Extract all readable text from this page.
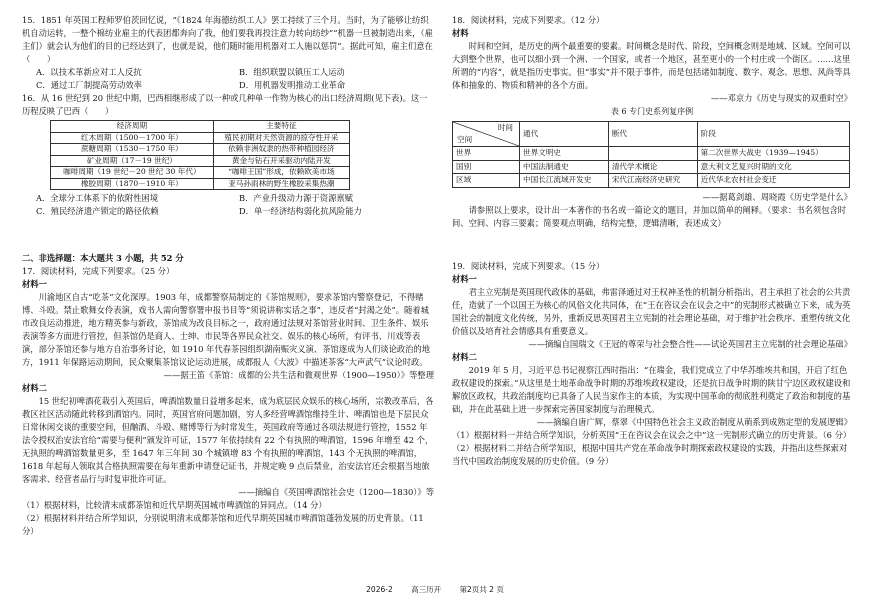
15．1851 年英国工程师罗伯茨回忆说，“《1824 年海德纺织工人》罢工持续了三个月。当时，为了能够让纺织机自动运转，一整个棉纺业雇主的代表团都奔向了我，他们要我再投注意力转向纺纱”“机器一旦被制造出来，（雇主们）就会认为他们的目的已经达到了，也就是说，他们随时能用机器对工人施以惩罚”。据此可知，雇主们意在（　　）

A．以技术革新应对工人反抗	B．组织联盟以镇压工人运动
C．通过工厂制提高劳动效率	D．用机器发明推动工业革命

16．从 16 世纪到 20 世纪中期，巴西相继形成了以一种或几种单一作物为核心的出口经济周期(见下表)。这一历程反映了巴西（　　）

经济周期	主要特征
红木周期（1500－1700 年）	殖民初期对天然资源的掠夺性开采
蔗糖周期（1530－1750 年）	依赖非洲奴隶的热带种植园经济
矿业周期（17－19 世纪）	黄金与钻石开采驱动内陆开发
咖啡周期（19 世纪－20 世纪 30 年代）	“咖啡王国”形成，依赖欧美市场
橡胶周期（1870－1910 年）	亚马孙雨林的野生橡胶采集热潮
A．全球分工体系下的依附性困境	B．产业升级动力源于资源禀赋
C．殖民经济遗产锁定的路径依赖	D．单一经济结构弱化抗风险能力

二、非选择题：本大题共 3 小题，共 52 分

17．阅读材料，完成下列要求。（25 分）

材料一

川渝地区自古“吃茶”文化深厚。1903 年，成都警察局制定的《茶馆规则》，要求茶馆内警察登记，不得赌博、斗殴。禁止歌舞女伶表演，戏书人需向警察署申报书目等“须说讲称实话之事”，违反者“封渴之处”。随着城市改良运动推进，地方精英参与新政，茶馆成为改良目标之一，政府通过法规对茶馆营业时间、卫生条件、娱乐表演等多方面进行管控，但茶馆仍是商人、士绅、市民等各界民众社交、娱乐的核心场所，有评书、川戏等表演，部分茶馆还参与地方自治事务讨论，如 1910 年代春茶园组织湖南赈灾义演、茶馆逐成为人们谈论政治的地方，1911 年保路运动期间，民众聚集茶馆议论运动进展，成都报人《大波》中描述茶客“大声武气”议论时政。

——据王笛《茶馆：成都的公共生活和微观世界（1900—1950）》等整理

材料二

15 世纪初啤酒花栽引入英国后，啤酒馆数量日益增多起来，成为底层民众娱乐的核心场所，宗教改革后，各教区社区活动随此转移到酒馆内。同时，英国官府问题加剧，穷人多经营啤酒馆维持生计、啤酒馆也是下层民众日常休闲交谈的重要空间，但酗酒、斗殴、赌博等行为时常发生，英国政府等通过各项法规进行管控，1552 年法令授权治安法官给“需要与便利”颁发许可证，1577 年依持续有 22 个有执照的啤酒馆，1596 年增至 42 个，无执照的啤酒馆数量更多，至 1647 年三年间 30 个城镇增 83 个有执照的啤酒馆，143 个无执照的啤酒馆，1618 年起每人领取其合格执照需要在每年重新申请登记证书，并规定晚 9 点后禁业，治安法官还会根据当地旅客需求、经营者品行与时复审批许可证。

——摘编自《英国啤酒馆社会史（1200—1830）》等

（1）根据材料，比较清末成都茶馆和近代早期英国城市啤酒馆的异同点。（14 分）

（2）根据材料并结合所学知识，分别说明清末成都茶馆和近代早期英国城市啤酒馆蓬勃发展的历史背景。（11 分）

18．阅读材料，完成下列要求。（12 分）

材料

时间和空间，是历史的两个最重要的要素。时间概念是时代、阶段，空间概念则是地域、区域。空间可以大到整个世界，也可以细小到一个洲、一个国家，或者一个地区，甚至更小的一个村庄或一个街区。……这里所谓的“内容”，就是指历史事实。但“事实”并不限于事件，而是包括诸如制度、数字、观念、思想、风尚等具体和抽象的、物质和精神的各个方面。

——邓京力《历史与现实的双重时空》

表 6 专门史系列复序例

时间
空间	通代	断代	阶段
世界	世界文明史		第二次世界大战史（1939—1945）
国别	中国法制通史	清代学术概论	意大利文艺复兴时期的文化
区域	中国长江流域开发史	宋代江南经济史研究	近代华北农村社会变迁

——据葛剑雄、周晓霞《历史学是什么》

请参照以上要求，设计出一本著作的书名或一篇论文的题目，并加以简单的阐释。（要求：书名须包含时间、空间、内容三要素；简要观点明确，结构完整，逻辑清晰，表述成文）

19．阅读材料，完成下列要求。（15 分）

材料一

君主立宪制是英国现代政体的基础，弗雷泽通过对王权神圣性的机制分析指出，君主承担了社会的公共责任，造就了一个以国王为核心的风俗文化共同体，在“王在咨议会在议会之中”的宪制形式被确立下来，成为英国社会的制度文化传统，另外，重新反思英国君主立宪制的社会理论基础，对于维护社会秩序、重塑传统文化价值以及培育社会情感具有重要意义。

——摘编自国瑞文《王冠的尊荣与社会整合性——试论英国君主立宪制的社会理论基础》

材料二

2019 年 5 月，习近平总书记视察江西时指出：“在瑞金，我们党成立了中华苏维埃共和国，开启了红色政权建设的探索。”从这里是土地革命战争时期的苏维埃政权建设，还是抗日战争时期的陕甘宁边区政权建设和解放区政权，共政治制度均已具备了人民当家作主的本质，为实现中国革命的彻底胜利奠定了政治和制度的基础，并在此基础上进一步探索完善国家制度与治理模式。

——摘编自唐广辉，蔡翠《中国特色社会主义政治制度从萌系到成熟定型的发展逻辑》

（1）根据材料一并结合所学知识，分析英国“王在咨议会在议会之中”这一宪制形式确立的历史背景。（6 分）

（2）根据材料二并结合所学知识，根据中国共产党在革命战争时期探索政权建设的实践，并指出这些探索对当代中国政治制度发展的历史价值。（9 分）

2026-2 高三历开 第2页共 2 页
